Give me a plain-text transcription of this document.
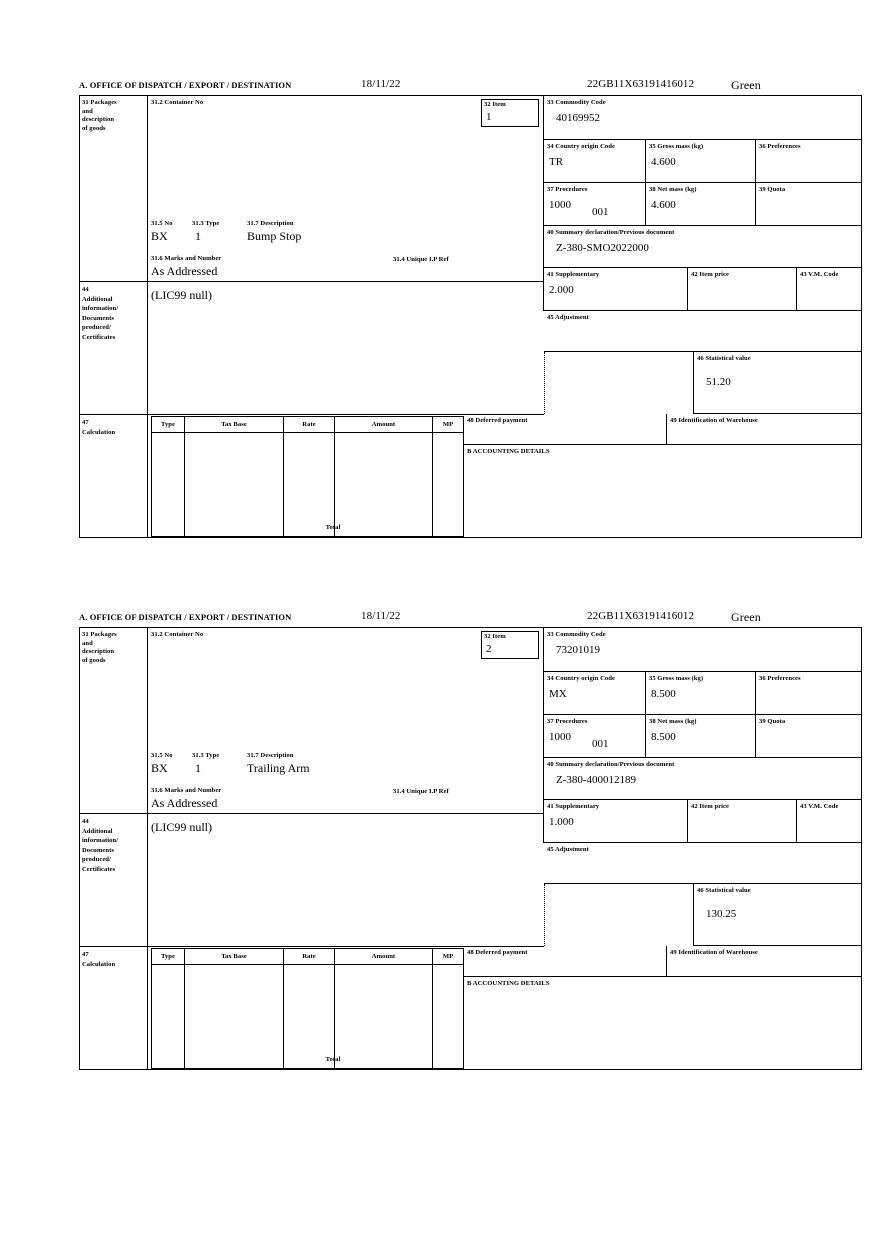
A. OFFICE OF DISPATCH / EXPORT / DESTINATION	18/11/22	22GB11X63191416012	Green
31 Packages
and
description
of goods
31.2 Container No	32 Item
1
33 Commodity Code
40169952
34 Country origin Code
TR
35 Gross mass (kg)
4.600
36 Preferences
37 Procedures
1000
001
38 Net mass (kg)
4.600
39 Quota
40 Summary declaration/Previous document
Z-380-SMO2022000
41 Supplementary
2.000
42 Item price	43 V.M. Code
31.5 No	31.3 Type	31.7 Description
BX 1	Bump Stop
31.6 Marks and Number	31.4 Unique I.P Ref
As Addressed
44
Additional
information/
Documents
produced/
Certificates
(LIC99 null)
45 Adjustment
46 Statistical value
51.20
47
Calculation
Type	Tax Base	Rate	Amount	MP
Total
48 Deferred payment	49 Identification of Warehouse
B ACCOUNTING DETAILS
A. OFFICE OF DISPATCH / EXPORT / DESTINATION	18/11/22	22GB11X63191416012	Green
31 Packages
and
description
of goods
31.2 Container No	32 Item
2
33 Commodity Code
73201019
34 Country origin Code
MX
35 Gross mass (kg)
8.500
36 Preferences
37 Procedures
1000
001
38 Net mass (kg)
8.500
39 Quota
40 Summary declaration/Previous document
Z-380-400012189
41 Supplementary
1.000
42 Item price	43 V.M. Code
31.5 No	31.3 Type	31.7 Description
BX 1	Trailing Arm
31.6 Marks and Number	31.4 Unique I.P Ref
As Addressed
44
Additional
information/
Documents
produced/
Certificates
(LIC99 null)
45 Adjustment
46 Statistical value
130.25
47
Calculation
Type	Tax Base	Rate	Amount	MP
Total
48 Deferred payment	49 Identification of Warehouse
B ACCOUNTING DETAILS
